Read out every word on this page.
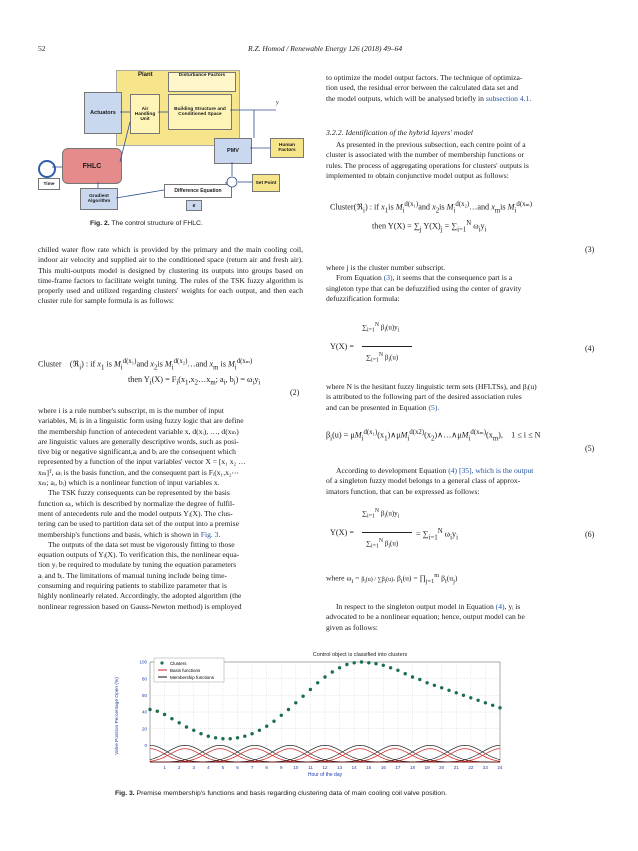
52	R.Z. Homod / Renewable Energy 126 (2018) 49–64
Plant	Disturbance Factors
Actuators
Air Handling Unit
Building Structure and Conditioned Space
y
PMV
Human Factors
Set Point
Time
FHLC
Gradient Algorithm
Difference Equation
e
Fig. 2. The control structure of FHLC.
chilled water flow rate which is provided by the primary and the main cooling coil, indoor air velocity and supplied air to the conditioned space (return air and fresh air). This multi-outputs model is designed by clustering its outputs into groups based on time-frame factors to facilitate weight tuning. The rules of the TSK fuzzy algorithm is properly used and utilized regarding clusters' weights for each output, and then each cluster rule for sample formula is as follows:
Cluster (ℜ$_i$) : if $x_1$ is $M_i^{d(x_1)}and$ $x_2is$ $M_i^{d(x_2)}\dots and$ $x_m$ is $M_i^{d(x_m)}$
then $Y_i(X)$ = $F_i(x_1,x_2\dots x_m$; $a_i$, $b_i) = \omega_iy_i$
(2)
where i is a rule number's subscript, m is the number of input
variables, Mᵢ is in a linguistic form using fuzzy logic that are define
the membership function of antecedent variable x, d(xᵢ), …, d(xₘ)
are linguistic values are generally descriptive words, such as posi-
tive big or negative significant,aᵢ and bᵢ are the consequent which
represented by a function of the input variables' vector X = [x₁ x₂ …
xₘ]ᵀ, ωᵢ is the basis function, and the consequent part is Fᵢ(x₁,x₂⋯
xₘ; aᵢ, bᵢ) which is a nonlinear function of input variables x.
The TSK fuzzy consequents can be represented by the basis
function ωᵢ, which is described by normalize the degree of fulfil-
ment of antecedents rule and the model outputs Yᵢ(X). The clus-
tering can be used to partition data set of the output into a premise
membership's functions and basis, which is shown in Fig. 3.
The outputs of the data set must be vigorously fitting to those
equation outputs of Yᵢ(X). To verification this, the nonlinear equa-
tion yᵢ be required to modulate by tuning the equation parameters
aᵢ and bᵢ. The limitations of manual tuning include being time-
consuming and requiring patients to stabilize parameter that is
highly nonlinearly related. Accordingly, the adopted algorithm (the
nonlinear regression based on Gauss-Newton method) is employed
to optimize the model output factors. The technique of optimiza-
tion used, the residual error between the calculated data set and
the model outputs, which will be analysed briefly in subsection 4.1.
3.2.2. Identification of the hybrid layers' model
As presented in the previous subsection, each centre point of a
cluster is associated with the number of membership functions or
rules. The process of aggregating operations for clusters' outputs is
implemented to obtain conjunctive model output as follows:
Cluster(ℜ$_i$) : if $x_1is$ $M_i^{d(x_1)}and$ $x_2is$ $M_i^{d(x_2)}\dots and$ $x_mis$ $M_i^{d(x_m)}$
then $Y(X) = \sum_j$ $Y(X)_j = \sum_{i=1}^N$ $\omega_iy_i$
(3)
where j is the cluster number subscript.
From Equation (3), it seems that the consequence part is a
singleton type that can be defuzzified using the center of gravity
defuzzification formula:
Y(X) =
$\sum_{i=1}^N$ $\beta_i(u)y_i$
$\sum_{i=1}^N$ $\beta_i(u)$
(4)
where N is the hesitant fuzzy linguistic term sets (HFLTSs), and βᵢ(u)
is attributed to the following part of the desired association rules
and can be presented in Equation (5).
$\beta_i(u)$ = $\mu M_i^{d(x_1)}(x_1)\wedge\mu M_i^{d(x2)}(x_2)\wedge\dots\wedge\mu M_i^{d(x_m)}(x_m)$,    1 ≤ i ≤ N
(5)
According to development Equation (4) [35], which is the output
of a singleton fuzzy model belongs to a general class of approx-
imators function, that can be expressed as follows:
Y(X) =
$\sum_{i=1}^N$ $\beta_i(u)y_i$
$\sum_{i=1}^N$ $\beta_i(u)$
= $\sum_{i=1}^N$ $\omega_iy_i$	(6)
where $\omega_i = \beta_i(u) / \sum\beta_i(u)$, $\beta_i(u)$ = $\prod_{j=1}^m$ $\beta_i(u_j)$
In respect to the singleton output model in Equation (4), yᵢ is
advocated to be a nonlinear equation; hence, output model can be
given as follows:
Control object is classified into clusters
0
20
40
60
80
100
1	2	3	4	5	6	7	8	9 10 11 12 13 14 15 16 17 18 19 20 21 22 23 24
Hour of the day
Valve Position Percentage Open (%)
Clusters
Basis functions
Membership functions
Fig. 3. Premise membership's functions and basis regarding clustering data of main cooling coil valve position.
